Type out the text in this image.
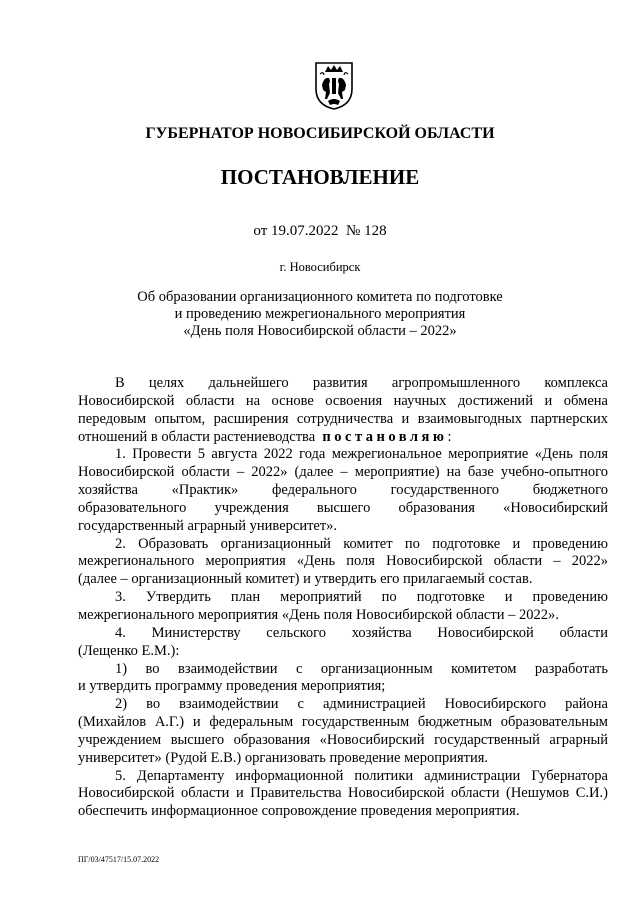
ГУБЕРНАТОР НОВОСИБИРСКОЙ ОБЛАСТИ
ПОСТАНОВЛЕНИЕ
от 19.07.2022 № 128
г. Новосибирск
Об образовании организационного комитета по подготовке
и проведению межрегионального мероприятия
«День поля Новосибирской области – 2022»
В целях дальнейшего развития агропромышленного комплекса
Новосибирской области на основе освоения научных достижений и обмена
передовым опытом, расширения сотрудничества и взаимовыгодных партнерских
отношений в области растениеводства постановляю:
1. Провести 5 августа 2022 года межрегиональное мероприятие «День поля
Новосибирской области – 2022» (далее – мероприятие) на базе учебно-опытного
хозяйства «Практик» федерального государственного бюджетного
образовательного учреждения высшего образования «Новосибирский
государственный аграрный университет».
2. Образовать организационный комитет по подготовке и проведению
межрегионального мероприятия «День поля Новосибирской области – 2022»
(далее – организационный комитет) и утвердить его прилагаемый состав.
3. Утвердить план мероприятий по подготовке и проведению
межрегионального мероприятия «День поля Новосибирской области – 2022».
4. Министерству сельского хозяйства Новосибирской области
(Лещенко Е.М.):
1) во взаимодействии с организационным комитетом разработать
и утвердить программу проведения мероприятия;
2) во взаимодействии с администрацией Новосибирского района
(Михайлов А.Г.) и федеральным государственным бюджетным образовательным
учреждением высшего образования «Новосибирский государственный аграрный
университет» (Рудой Е.В.) организовать проведение мероприятия.
5. Департаменту информационной политики администрации Губернатора
Новосибирской области и Правительства Новосибирской области (Нешумов С.И.)
обеспечить информационное сопровождение проведения мероприятия.
ПГ/03/47517/15.07.2022
